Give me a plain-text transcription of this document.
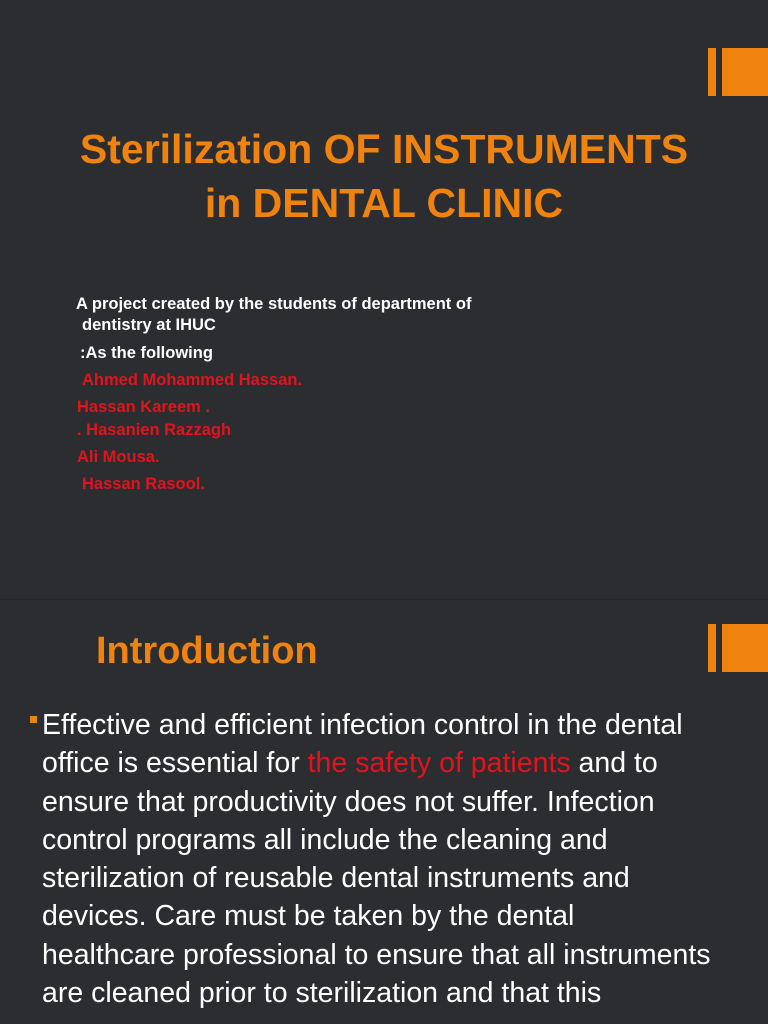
Sterilization OF INSTRUMENTS
in DENTAL CLINIC
A project created by the students of department of
dentistry at IHUC
:As the following
Ahmed Mohammed Hassan.
Hassan Kareem .
. Hasanien Razzagh
Ali Mousa.
Hassan Rasool.
Introduction

Effective and efficient infection control in the dental office is essential for the safety of patients and to ensure that productivity does not suffer. Infection control programs all include the cleaning and sterilization of reusable dental instruments and devices. Care must be taken by the dental healthcare professional to ensure that all instruments are cleaned prior to sterilization and that this
